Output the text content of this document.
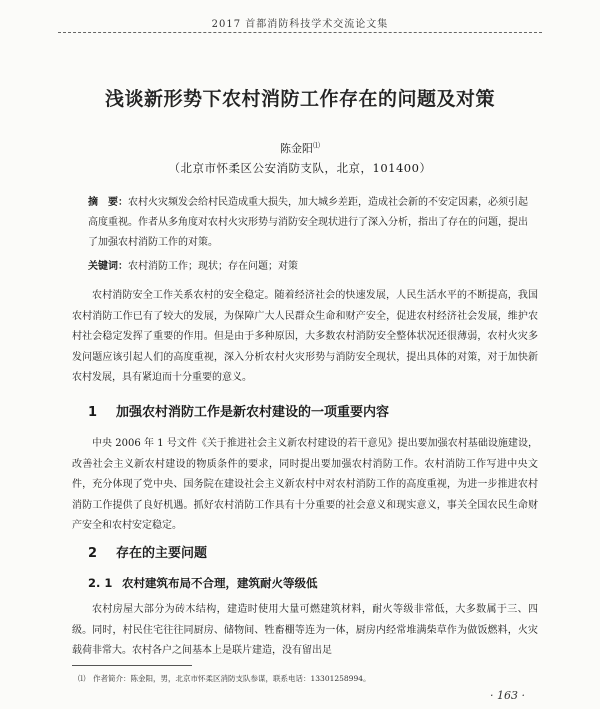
2017 首都消防科技学术交流论文集
浅谈新形势下农村消防工作存在的问题及对策
陈金阳⑴
（北京市怀柔区公安消防支队，北京，101400）
摘　要：农村火灾频发会给村民造成重大损失，加大城乡差距，造成社会新的不安定因素，必须引起高度重视。作者从多角度对农村火灾形势与消防安全现状进行了深入分析，指出了存在的问题，提出了加强农村消防工作的对策。
关键词：农村消防工作；现状；存在问题；对策
农村消防安全工作关系农村的安全稳定。随着经济社会的快速发展，人民生活水平的不断提高，我国农村消防工作已有了较大的发展，为保障广大人民群众生命和财产安全，促进农村经济社会发展，维护农村社会稳定发挥了重要的作用。但是由于多种原因，大多数农村消防安全整体状况还很薄弱，农村火灾多发问题应该引起人们的高度重视，深入分析农村火灾形势与消防安全现状，提出具体的对策，对于加快新农村发展，具有紧迫而十分重要的意义。
1 加强农村消防工作是新农村建设的一项重要内容
中央 2006 年 1 号文件《关于推进社会主义新农村建设的若干意见》提出要加强农村基础设施建设，改善社会主义新农村建设的物质条件的要求，同时提出要加强农村消防工作。农村消防工作写进中央文件，充分体现了党中央、国务院在建设社会主义新农村中对农村消防工作的高度重视，为进一步推进农村消防工作提供了良好机遇。抓好农村消防工作具有十分重要的社会意义和现实意义，事关全国农民生命财产安全和农村安定稳定。
2 存在的主要问题
2. 1 农村建筑布局不合理，建筑耐火等级低
农村房屋大部分为砖木结构，建造时使用大量可燃建筑材料，耐火等级非常低，大多数属于三、四级。同时，村民住宅往往同厨房、储物间、牲畜棚等连为一体，厨房内经常堆满柴草作为做饭燃料，火灾载荷非常大。农村各户之间基本上是联片建造，没有留出足
⑴　作者简介：陈金阳，男，北京市怀柔区消防支队参谋，联系电话：13301258994。
· 163 ·
